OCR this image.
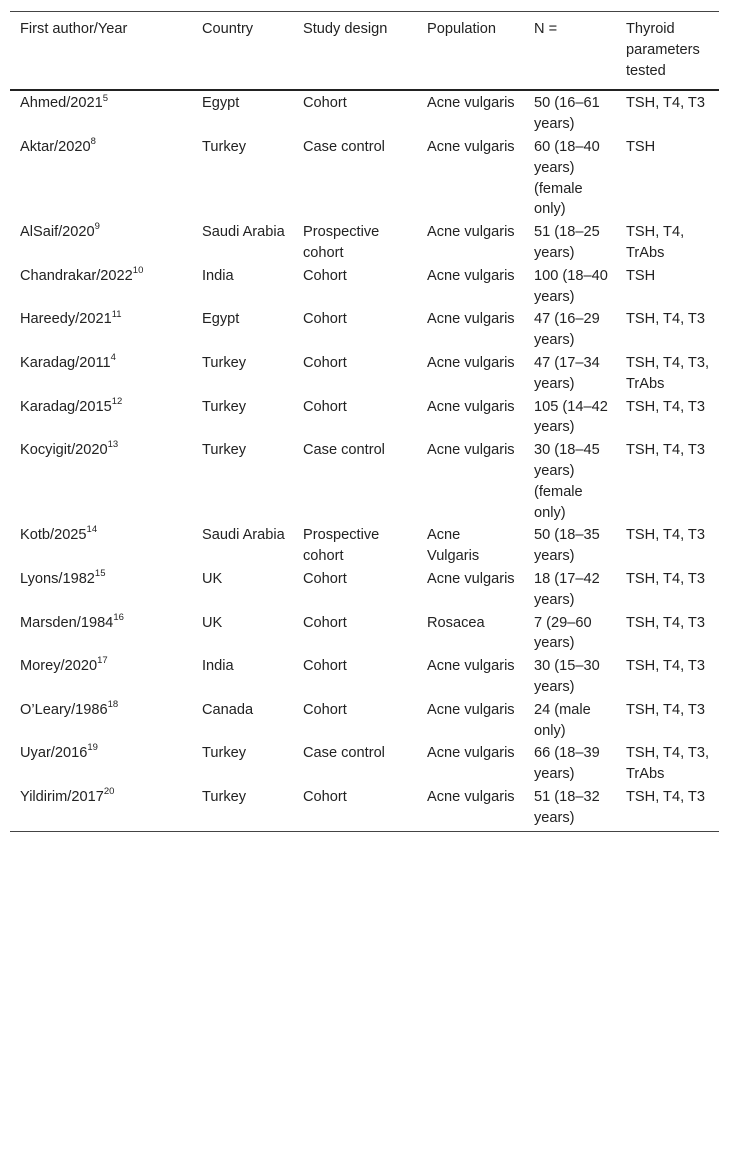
First author/Year	Country	Study design	Population	N =	Thyroid parameters tested
Ahmed/2021$^5$	Egypt	Cohort	Acne vulgaris	50 (16–61 years)	TSH, T4, T3
Aktar/2020$^8$	Turkey	Case control	Acne vulgaris	60 (18–40 years) (female only)	TSH
AlSaif/2020$^9$	Saudi Arabia	Prospective cohort	Acne vulgaris	51 (18–25 years)	TSH, T4, TrAbs
Chandrakar/2022$^{10}$	India	Cohort	Acne vulgaris	100 (18–40 years)	TSH
Hareedy/2021$^{11}$	Egypt	Cohort	Acne vulgaris	47 (16–29 years)	TSH, T4, T3
Karadag/2011$^4$	Turkey	Cohort	Acne vulgaris	47 (17–34 years)	TSH, T4, T3, TrAbs
Karadag/2015$^{12}$	Turkey	Cohort	Acne vulgaris	105 (14–42 years)	TSH, T4, T3
Kocyigit/2020$^{13}$	Turkey	Case control	Acne vulgaris	30 (18–45 years) (female only)	TSH, T4, T3
Kotb/2025$^{14}$	Saudi Arabia	Prospective cohort	Acne Vulgaris	50 (18–35 years)	TSH, T4, T3
Lyons/1982$^{15}$	UK	Cohort	Acne vulgaris	18 (17–42 years)	TSH, T4, T3
Marsden/1984$^{16}$	UK	Cohort	Rosacea	7 (29–60 years)	TSH, T4, T3
Morey/2020$^{17}$	India	Cohort	Acne vulgaris	30 (15–30 years)	TSH, T4, T3
O’Leary/1986$^{18}$	Canada	Cohort	Acne vulgaris	24 (male only)	TSH, T4, T3
Uyar/2016$^{19}$	Turkey	Case control	Acne vulgaris	66 (18–39 years)	TSH, T4, T3, TrAbs
Yildirim/2017$^{20}$	Turkey	Cohort	Acne vulgaris	51 (18–32 years)	TSH, T4, T3
